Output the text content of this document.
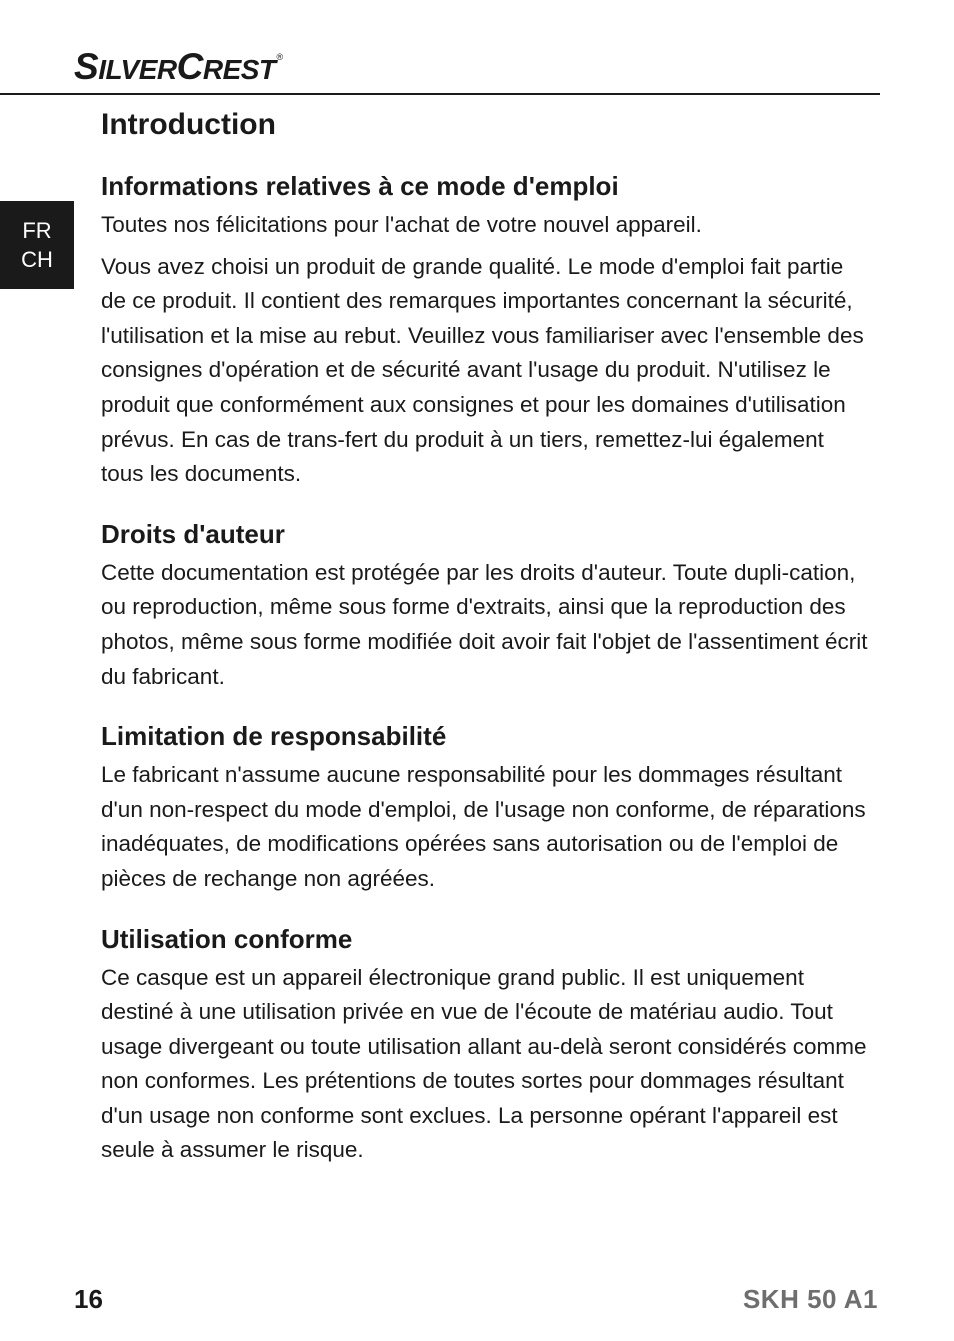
SILVERCREST®
FR
CH
Introduction
Informations relatives à ce mode d'emploi

Toutes nos félicitations pour l'achat de votre nouvel appareil.

Vous avez choisi un produit de grande qualité. Le mode d'emploi fait partie de ce produit. Il contient des remarques importantes concernant la sécurité, l'utilisation et la mise au rebut. Veuillez vous familiariser avec l'ensemble des consignes d'opération et de sécurité avant l'usage du produit. N'utilisez le produit que conformément aux consignes et pour les domaines d'utilisation prévus. En cas de trans-fert du produit à un tiers, remettez-lui également tous les documents.

Droits d'auteur

Cette documentation est protégée par les droits d'auteur. Toute dupli-cation, ou reproduction, même sous forme d'extraits, ainsi que la reproduction des photos, même sous forme modifiée doit avoir fait l'objet de l'assentiment écrit du fabricant.

Limitation de responsabilité

Le fabricant n'assume aucune responsabilité pour les dommages résultant d'un non-respect du mode d'emploi, de l'usage non conforme, de réparations inadéquates, de modifications opérées sans autorisation ou de l'emploi de pièces de rechange non agréées.

Utilisation conforme

Ce casque est un appareil électronique grand public. Il est uniquement destiné à une utilisation privée en vue de l'écoute de matériau audio. Tout usage divergeant ou toute utilisation allant au-delà seront considérés comme non conformes. Les prétentions de toutes sortes pour dommages résultant d'un usage non conforme sont exclues. La personne opérant l'appareil est seule à assumer le risque.

16	SKH 50 A1
